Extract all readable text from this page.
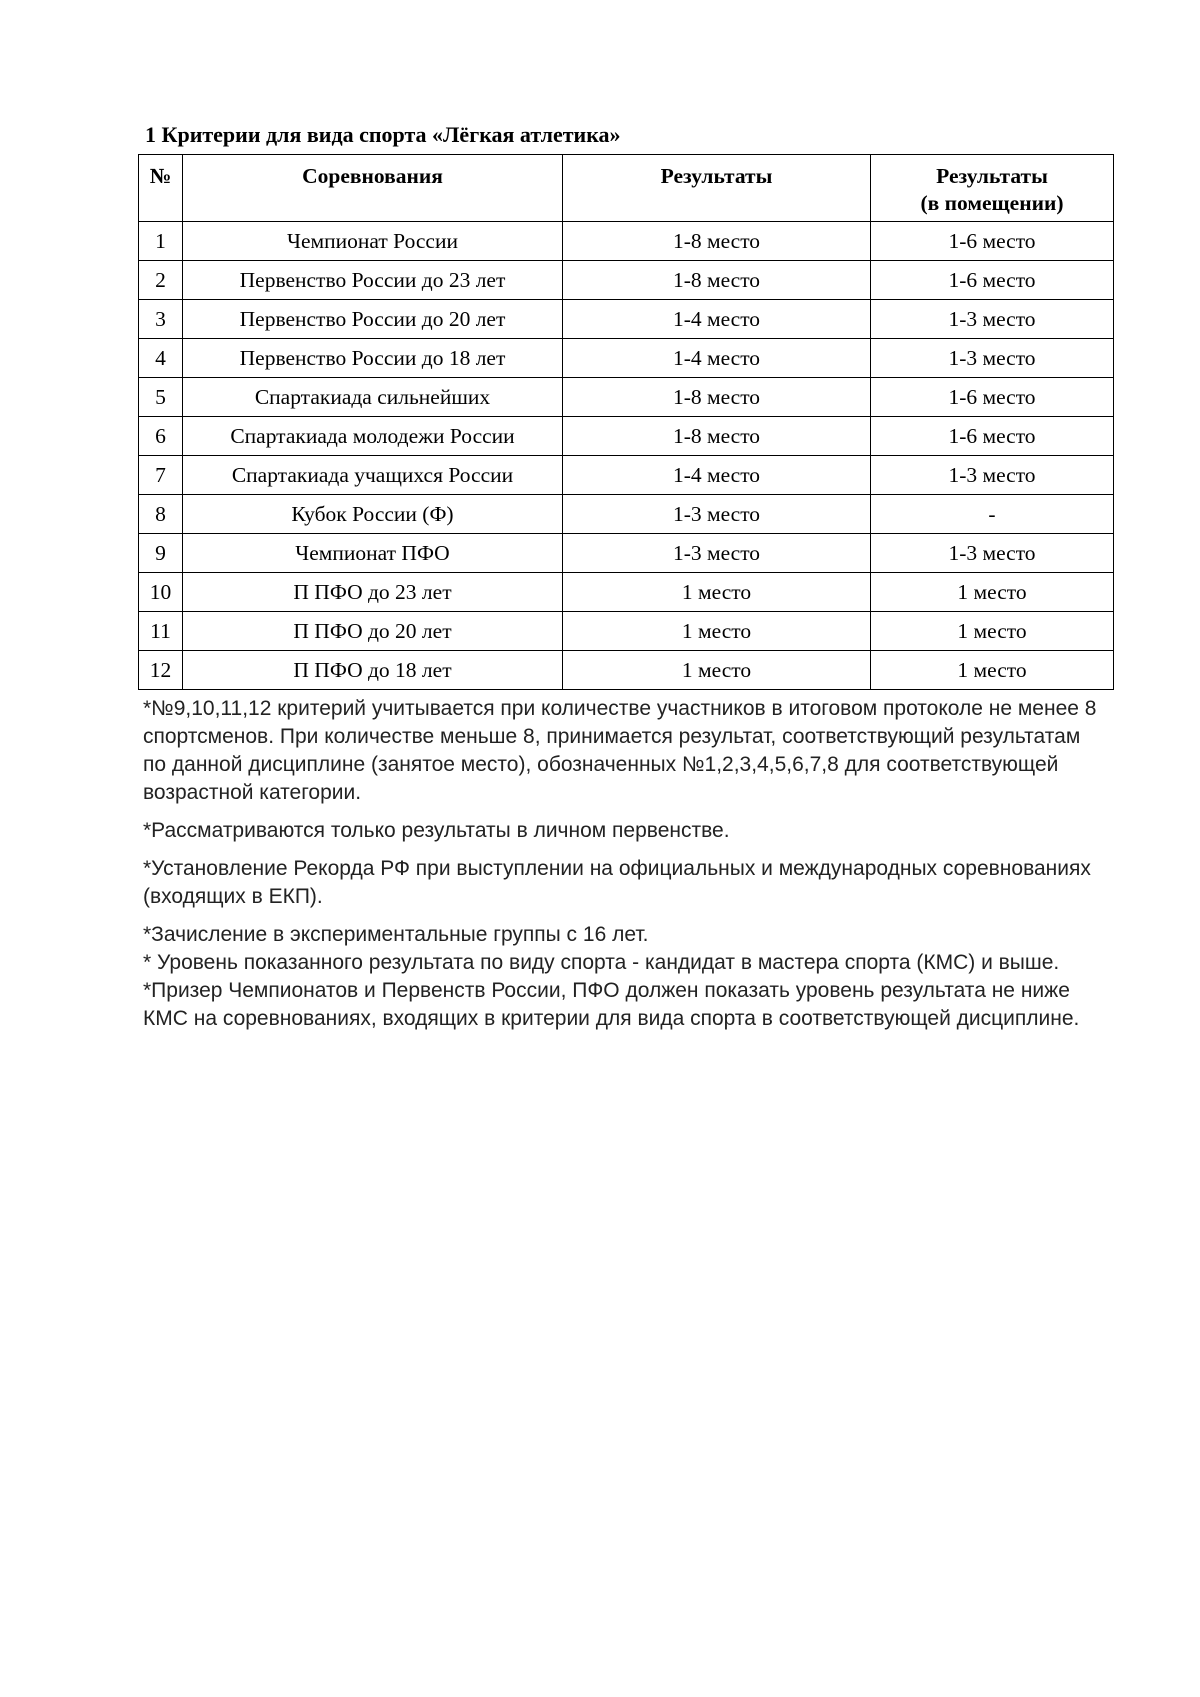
1 Критерии для вида спорта «Лёгкая атлетика»
№	Соревнования	Результаты	Результаты
(в помещении)

1	Чемпионат России	1-8 место	1-6 место
2	Первенство России до 23 лет	1-8 место	1-6 место
3	Первенство России до 20 лет	1-4 место	1-3 место
4	Первенство России до 18 лет	1-4 место	1-3 место
5	Спартакиада сильнейших	1-8 место	1-6 место
6	Спартакиада молодежи России	1-8 место	1-6 место
7	Спартакиада учащихся России	1-4 место	1-3 место
8	Кубок России (Ф)	1-3 место	-
9	Чемпионат ПФО	1-3 место	1-3 место
10	П ПФО до 23 лет	1 место	1 место
11	П ПФО до 20 лет	1 место	1 место
12	П ПФО до 18 лет	1 место	1 место

*№9,10,11,12 критерий учитывается при количестве участников в итоговом протоколе не менее 8 спортсменов. При количестве меньше 8, принимается результат, соответствующий результатам по данной дисциплине (занятое место), обозначенных №1,2,3,4,5,6,7,8 для соответствующей возрастной категории.

*Рассматриваются только результаты в личном первенстве.

*Установление Рекорда РФ при выступлении на официальных и международных соревнованиях (входящих в ЕКП).

*Зачисление в экспериментальные группы с 16 лет.

* Уровень показанного результата по виду спорта - кандидат в мастера спорта (КМС) и выше.

*Призер Чемпионатов и Первенств России, ПФО должен показать уровень результата не ниже КМС на соревнованиях, входящих в критерии для вида спорта в соответствующей дисциплине.
